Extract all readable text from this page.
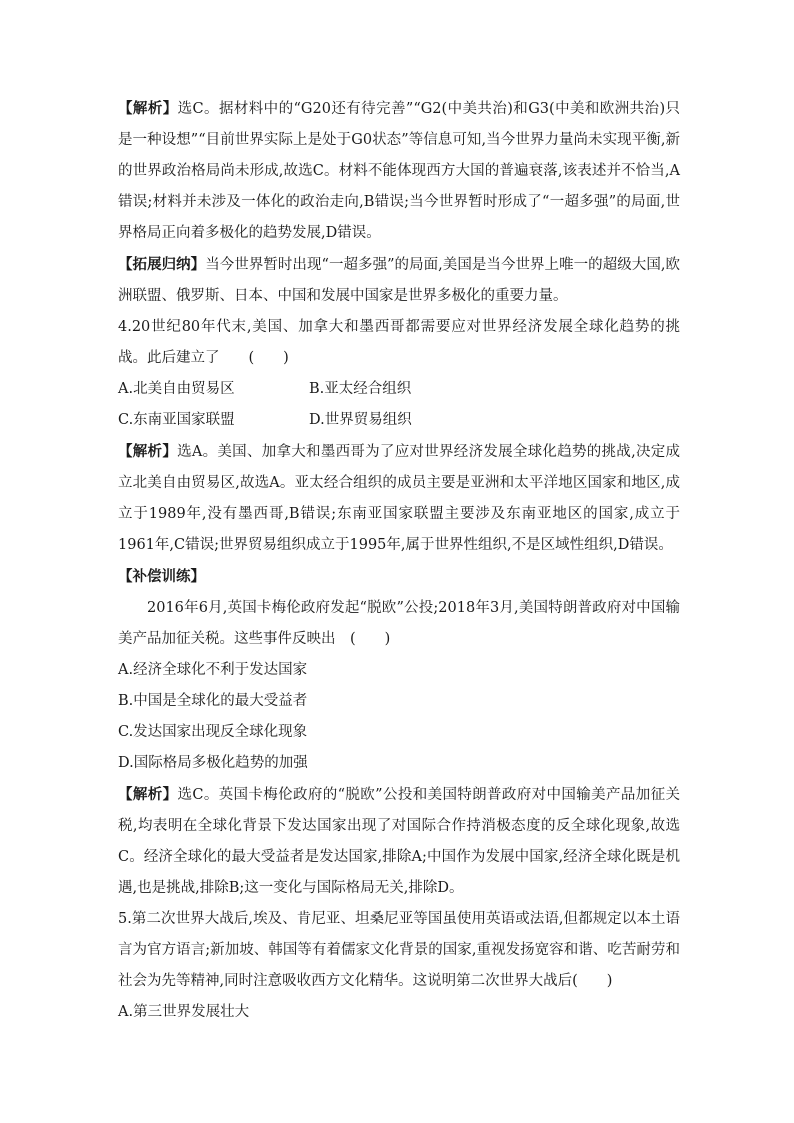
【解析】选C。据材料中的“G20还有待完善”“G2(中美共治)和G3(中美和欧洲共治)只是一种设想”“目前世界实际上是处于G0状态”等信息可知,当今世界力量尚未实现平衡,新的世界政治格局尚未形成,故选C。材料不能体现西方大国的普遍衰落,该表述并不恰当,A错误;材料并未涉及一体化的政治走向,B错误;当今世界暂时形成了“一超多强”的局面,世界格局正向着多极化的趋势发展,D错误。

【拓展归纳】当今世界暂时出现“一超多强”的局面,美国是当今世界上唯一的超级大国,欧洲联盟、俄罗斯、日本、中国和发展中国家是世界多极化的重要力量。

4.20世纪80年代末,美国、加拿大和墨西哥都需要应对世界经济发展全球化趋势的挑战。此后建立了　　(　　)

A.北美自由贸易区	B.亚太经合组织
C.东南亚国家联盟	D.世界贸易组织

【解析】选A。美国、加拿大和墨西哥为了应对世界经济发展全球化趋势的挑战,决定成立北美自由贸易区,故选A。亚太经合组织的成员主要是亚洲和太平洋地区国家和地区,成立于1989年,没有墨西哥,B错误;东南亚国家联盟主要涉及东南亚地区的国家,成立于1961年,C错误;世界贸易组织成立于1995年,属于世界性组织,不是区域性组织,D错误。

【补偿训练】

2016年6月,英国卡梅伦政府发起“脱欧”公投;2018年3月,美国特朗普政府对中国输美产品加征关税。这些事件反映出　(　　)

A.经济全球化不利于发达国家

B.中国是全球化的最大受益者

C.发达国家出现反全球化现象

D.国际格局多极化趋势的加强

【解析】选C。英国卡梅伦政府的“脱欧”公投和美国特朗普政府对中国输美产品加征关税,均表明在全球化背景下发达国家出现了对国际合作持消极态度的反全球化现象,故选C。经济全球化的最大受益者是发达国家,排除A;中国作为发展中国家,经济全球化既是机遇,也是挑战,排除B;这一变化与国际格局无关,排除D。

5.第二次世界大战后,埃及、肯尼亚、坦桑尼亚等国虽使用英语或法语,但都规定以本土语言为官方语言;新加坡、韩国等有着儒家文化背景的国家,重视发扬宽容和谐、吃苦耐劳和社会为先等精神,同时注意吸收西方文化精华。这说明第二次世界大战后(　　)

A.第三世界发展壮大
